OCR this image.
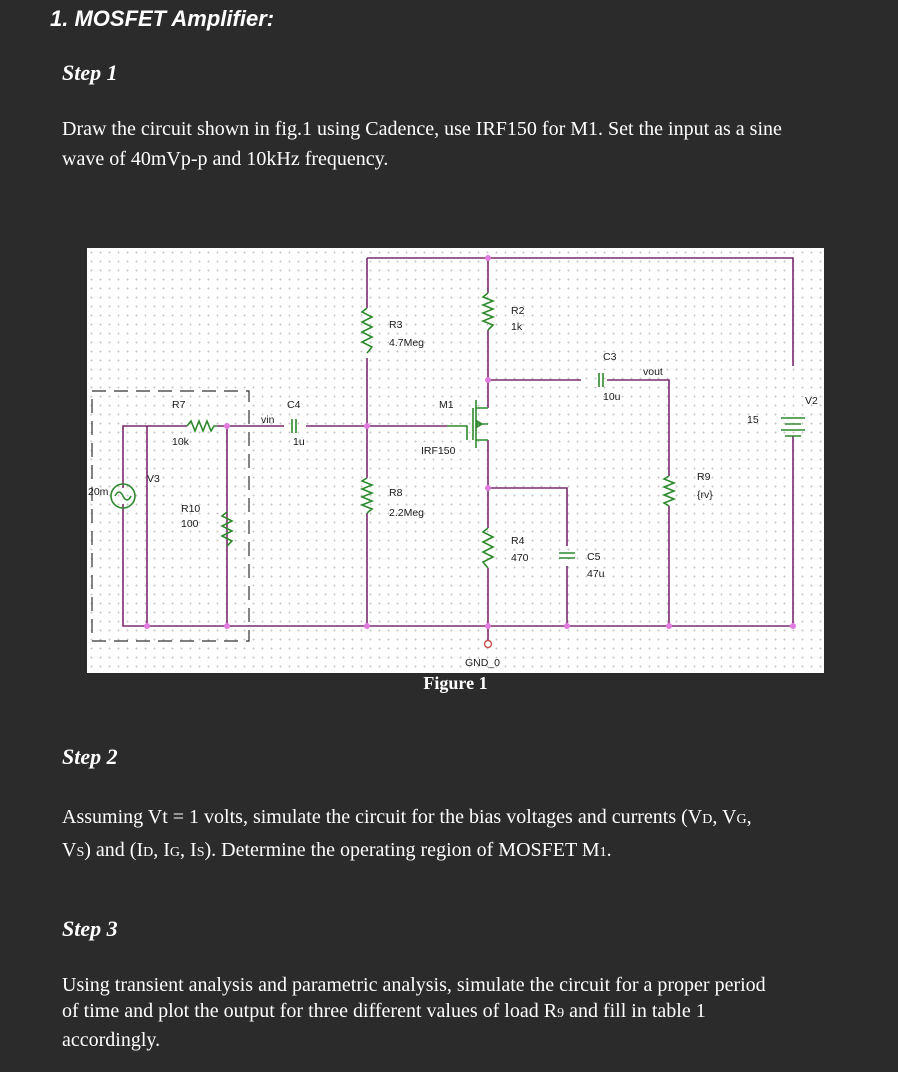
1. MOSFET Amplifier:
Step 1
Draw the circuit shown in fig.1 using Cadence, use IRF150 for M1. Set the input as a sine
wave of 40mVp-p and 10kHz frequency.
R2
1k
R3
4.7Meg
C3
10u
vout
R7
10k
C4
1u
vin
M1
IRF150
V2
15
V3
20m	R8
2.2Meg
R9
{rv}
R10
100
R4
470	C5
47u
GND_0
Figure 1
Step 2
Assuming Vt = 1 volts, simulate the circuit for the bias voltages and currents (VD, VG,
VS) and (ID, IG, IS). Determine the operating region of MOSFET M1.
Step 3
Using transient analysis and parametric analysis, simulate the circuit for a proper period
of time and plot the output for three different values of load R9 and fill in table 1
accordingly.
